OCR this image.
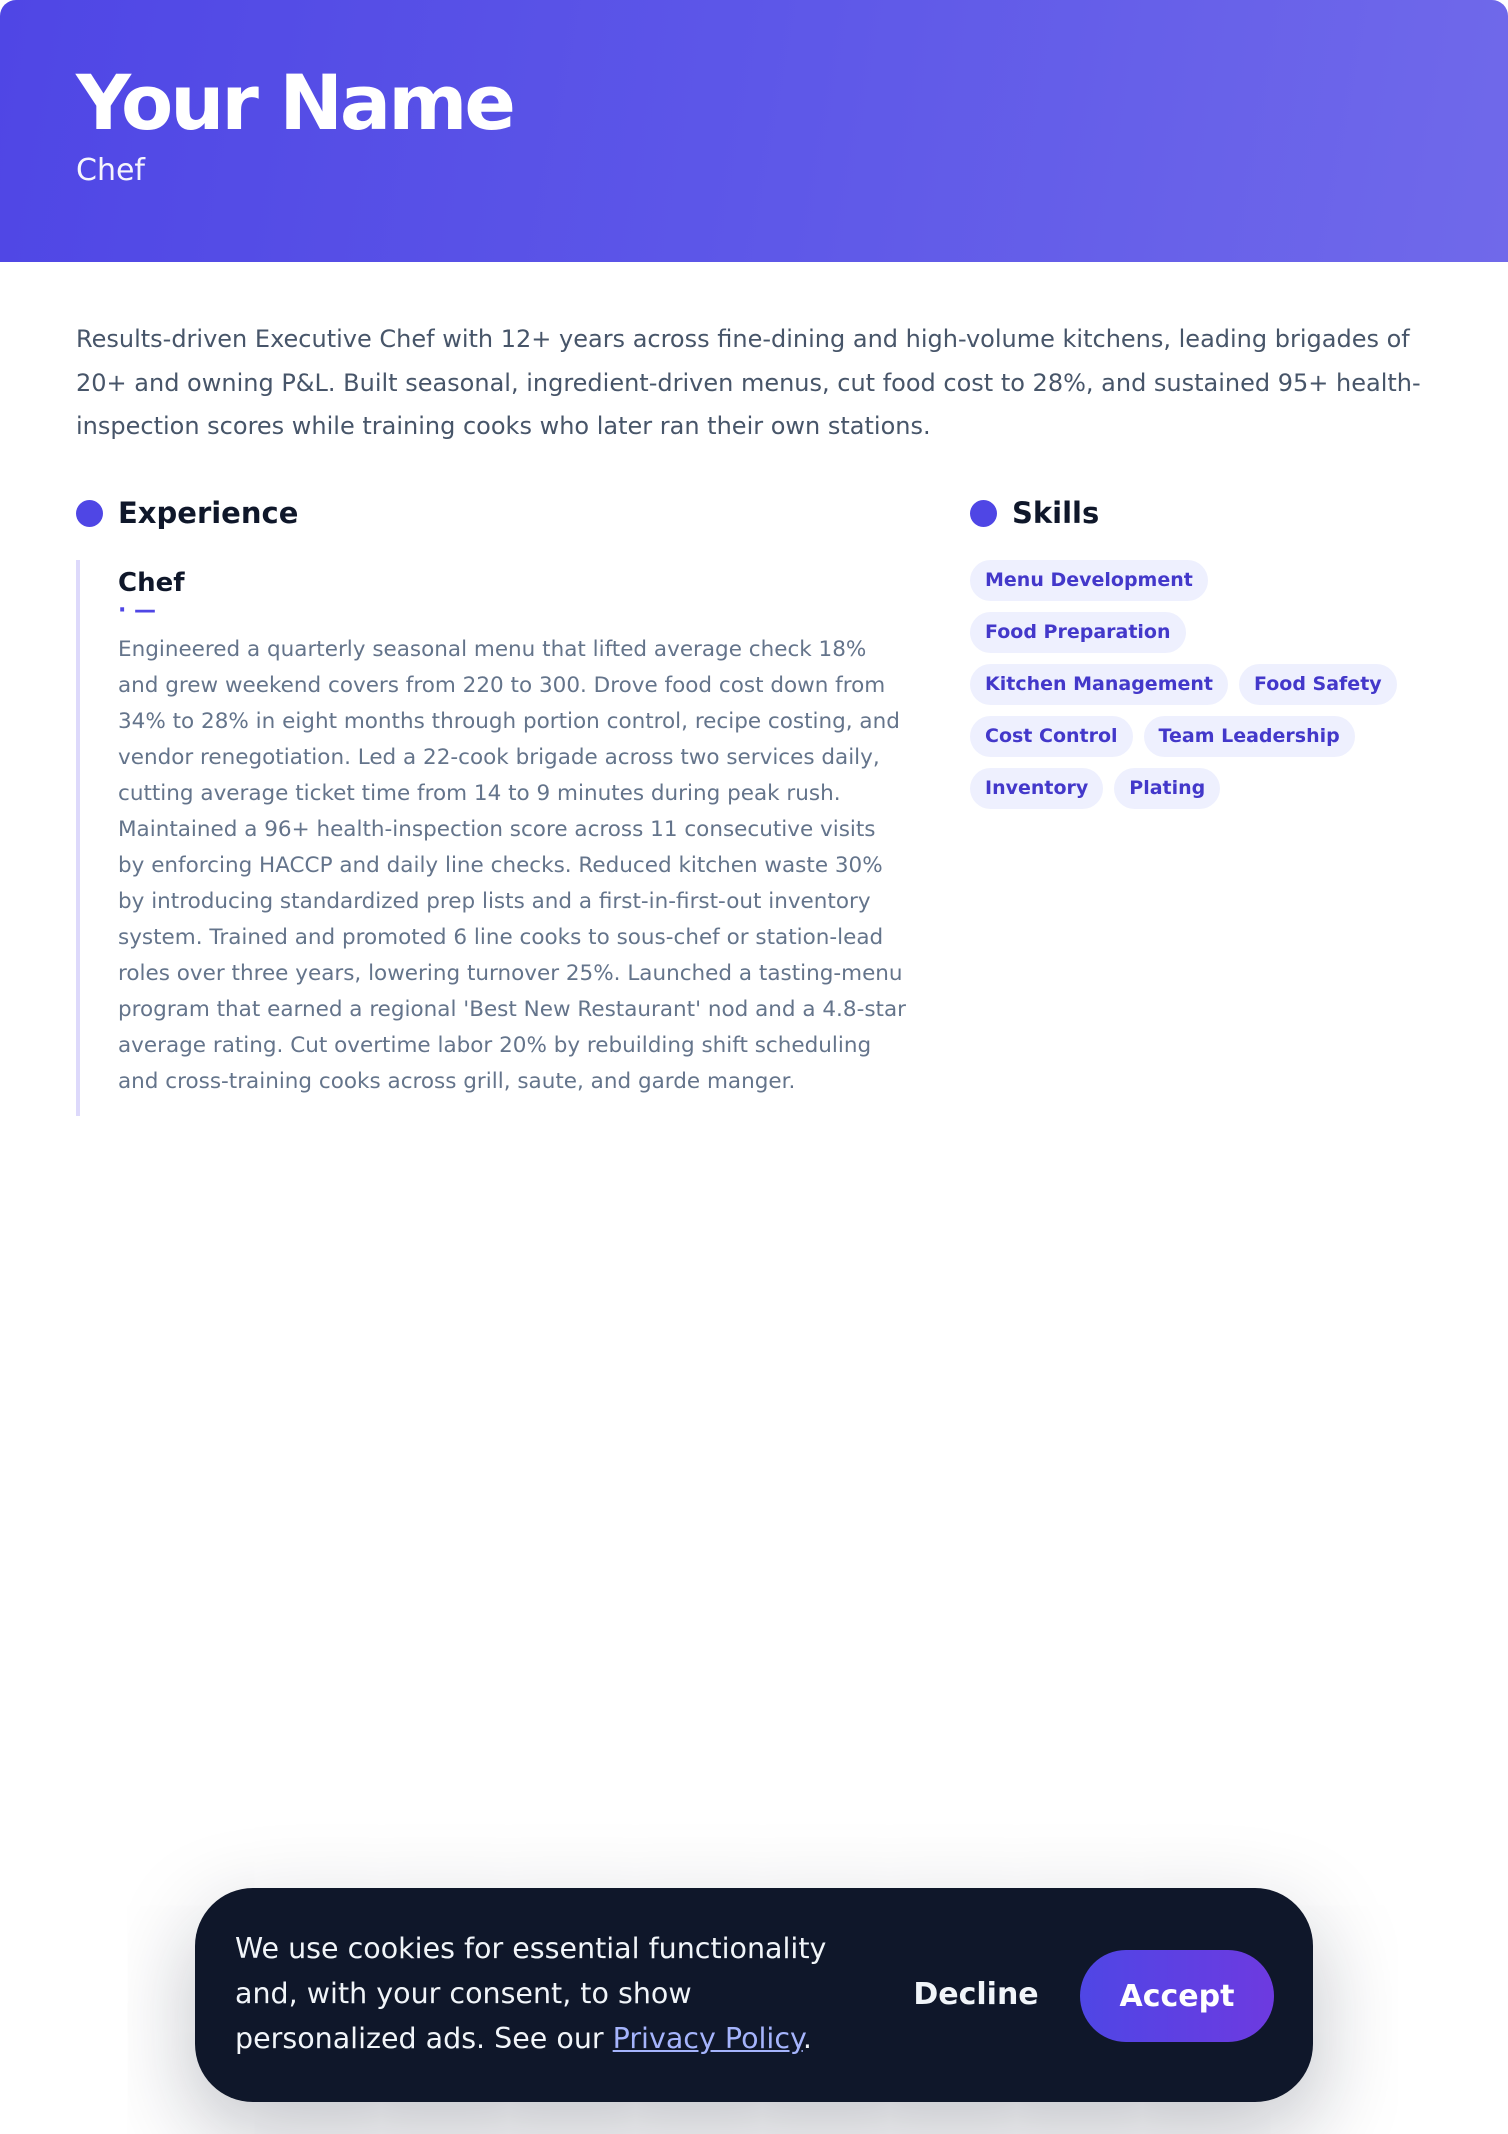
Your Name
Chef
Results-driven Executive Chef with 12+ years across fine-dining and high-volume kitchens, leading brigades of 20+ and owning P&L. Built seasonal, ingredient-driven menus, cut food cost to 28%, and sustained 95+ health-inspection scores while training cooks who later ran their own stations.
Experience
Chef
· —
Engineered a quarterly seasonal menu that lifted average check 18% and grew weekend covers from 220 to 300. Drove food cost down from 34% to 28% in eight months through portion control, recipe costing, and vendor renegotiation. Led a 22-cook brigade across two services daily, cutting average ticket time from 14 to 9 minutes during peak rush. Maintained a 96+ health-inspection score across 11 consecutive visits by enforcing HACCP and daily line checks. Reduced kitchen waste 30% by introducing standardized prep lists and a first-in-first-out inventory system. Trained and promoted 6 line cooks to sous-chef or station-lead roles over three years, lowering turnover 25%. Launched a tasting-menu program that earned a regional 'Best New Restaurant' nod and a 4.8-star average rating. Cut overtime labor 20% by rebuilding shift scheduling and cross-training cooks across grill, saute, and garde manger.
Skills
Menu Development
Food Preparation
Kitchen Management	Food Safety
Cost Control	Team Leadership
Inventory	Plating
We use cookies for essential functionality and, with your consent, to show personalized ads. See our Privacy Policy.
Decline	Accept
